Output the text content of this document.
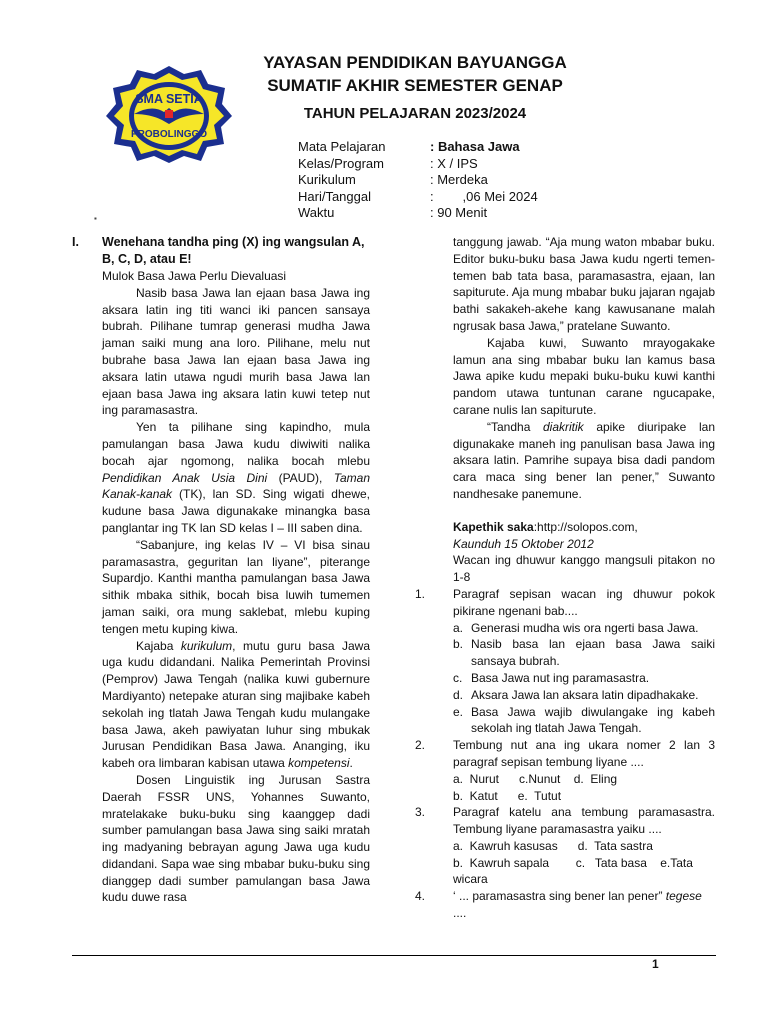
SMA SETIA
PROBOLINGGO
YAYASAN PENDIDIKAN BAYUANGGA
SUMATIF AKHIR SEMESTER GENAP
TAHUN PELAJARAN 2023/2024
Mata Pelajaran	: Bahasa Jawa
Kelas/Program	: X / IPS
Kurikulum	: Merdeka
Hari/Tanggal	:        ,06 Mei 2024
Waktu	: 90 Menit
▪
I. Wenehana tandha ping (X) ing wangsulan A, B, C, D, atau E!

Mulok Basa Jawa Perlu Dievaluasi

Nasib basa Jawa lan ejaan basa Jawa ing aksara latin ing titi wanci iki pancen sansaya bubrah. Pilihane tumrap generasi mudha Jawa jaman saiki mung ana loro. Pilihane, melu nut bubrahe basa Jawa lan ejaan basa Jawa ing aksara latin utawa ngudi murih basa Jawa lan ejaan basa Jawa ing aksara latin kuwi tetep nut ing paramasastra.

Yen ta pilihane sing kapindho, mula pamulangan basa Jawa kudu diwiwiti nalika bocah ajar ngomong, nalika bocah mlebu Pendidikan Anak Usia Dini (PAUD), Taman Kanak-kanak (TK), lan SD. Sing wigati dhewe, kudune basa Jawa digunakake minangka basa panglantar ing TK lan SD kelas I – III saben dina.

“Sabanjure, ing kelas IV – VI bisa sinau paramasastra, geguritan lan liyane”, piterange Supardjo. Kanthi mantha pamulangan basa Jawa sithik mbaka sithik, bocah bisa luwih tumemen jaman saiki, ora mung saklebat, mlebu kuping tengen metu kuping kiwa.

Kajaba kurikulum, mutu guru basa Jawa uga kudu didandani. Nalika Pemerintah Provinsi (Pemprov) Jawa Tengah (nalika kuwi gubernure Mardiyanto) netepake aturan sing majibake kabeh sekolah ing tlatah Jawa Tengah kudu mulangake basa Jawa, akeh pawiyatan luhur sing mbukak Jurusan Pendidikan Basa Jawa. Ananging, iku kabeh ora limbaran kabisan utawa kompetensi.

Dosen Linguistik ing Jurusan Sastra Daerah FSSR UNS, Yohannes Suwanto, mratelakake buku-buku sing kaanggep dadi sumber pamulangan basa Jawa sing saiki mratah ing madyaning bebrayan agung Jawa uga kudu didandani. Sapa wae sing mbabar buku-buku sing dianggep dadi sumber pamulangan basa Jawa kudu duwe rasa

tanggung jawab. “Aja mung waton mbabar buku. Editor buku-buku basa Jawa kudu ngerti temen-temen bab tata basa, paramasastra, ejaan, lan sapiturute. Aja mung mbabar buku jajaran ngajab bathi sakakeh-akehe kang kawusanane malah ngrusak basa Jawa,” pratelane Suwanto.

Kajaba kuwi, Suwanto mrayogakake lamun ana sing mbabar buku lan kamus basa Jawa apike kudu mepaki buku-buku kuwi kanthi pandom utawa tuntunan carane ngucapake, carane nulis lan sapiturute.

“Tandha diakritik apike diuripake lan digunakake maneh ing panulisan basa Jawa ing aksara latin. Pamrihe supaya bisa dadi pandom cara maca sing bener lan pener,” Suwanto nandhesake panemune.

Kapethik saka:http://solopos.com,

Kaunduh 15 Oktober 2012

Wacan ing dhuwur kanggo mangsuli pitakon no 1-8

1. Paragraf sepisan wacan ing dhuwur pokok pikirane ngenani bab....

a. Generasi mudha wis ora ngerti basa Jawa.
b. Nasib basa lan ejaan basa Jawa saiki sansaya bubrah.
c. Basa Jawa nut ing paramasastra.
d. Aksara Jawa lan aksara latin dipadhakake.
e. Basa Jawa wajib diwulangake ing kabeh sekolah ing tlatah Jawa Tengah.
2. Tembung nut ana ing ukara nomer 2 lan 3 paragraf sepisan tembung liyane ....

a.  Nurut      c.Nunut    d.  Eling

b.  Katut      e.  Tutut

3. Paragraf katelu ana tembung paramasastra. Tembung liyane paramasastra yaiku ....

a.  Kawruh kasusas      d.  Tata sastra

b.  Kawruh sapala        c.   Tata basa    e.Tata wicara

4. ‘ ... paramasastra sing bener lan pener” tegese
....

1
